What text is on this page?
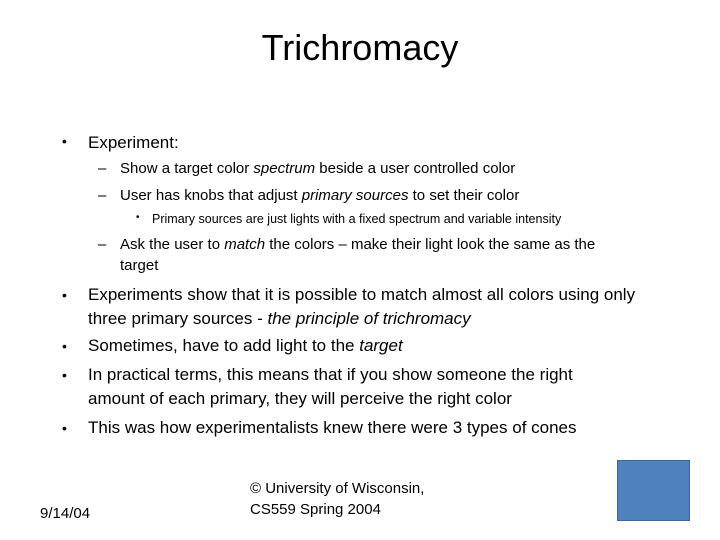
Trichromacy
• Experiment:
– Show a target color spectrum beside a user controlled color
– User has knobs that adjust primary sources to set their color
• Primary sources are just lights with a fixed spectrum and variable intensity
– Ask the user to match the colors – make their light look the same as the
target
• Experiments show that it is possible to match almost all colors using only
three primary sources - the principle of trichromacy
• Sometimes, have to add light to the target
• In practical terms, this means that if you show someone the right
amount of each primary, they will perceive the right color
• This was how experimentalists knew there were 3 types of cones
9/14/04
© University of Wisconsin,
CS559 Spring 2004
